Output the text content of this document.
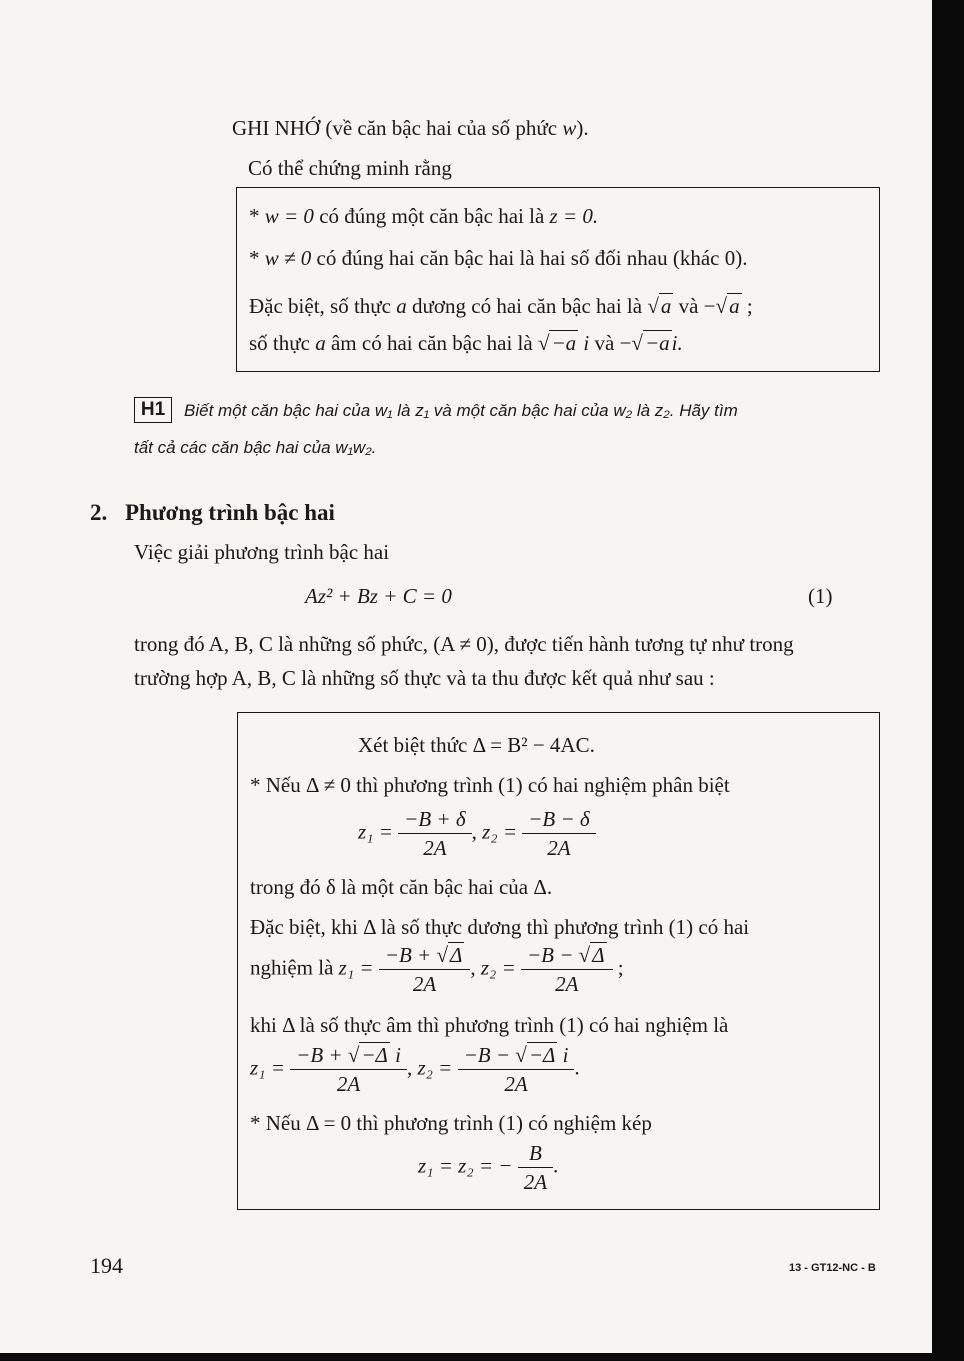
GHI NHỚ (về căn bậc hai của số phức w).
Có thể chứng minh rằng
* w = 0 có đúng một căn bậc hai là z = 0.
* w ≠ 0 có đúng hai căn bậc hai là hai số đối nhau (khác 0).
Đặc biệt, số thực a dương có hai căn bậc hai là √a và −√a ;
số thực a âm có hai căn bậc hai là √−a i và −√−ai.
H1	Biết một căn bậc hai của w₁ là z₁ và một căn bậc hai của w₂ là z₂. Hãy tìm
tất cả các căn bậc hai của w₁w₂.
2. Phương trình bậc hai
Việc giải phương trình bậc hai
Az² + Bz + C = 0	(1)
trong đó A, B, C là những số phức, (A ≠ 0), được tiến hành tương tự như trong
trường hợp A, B, C là những số thực và ta thu được kết quả như sau :
Xét biệt thức Δ = B² − 4AC.
* Nếu Δ ≠ 0 thì phương trình (1) có hai nghiệm phân biệt
$z_1 = \frac{-B + \delta}{2A}$ , $z_2 = \frac{-B - \delta}{2A}$
trong đó δ là một căn bậc hai của Δ.
Đặc biệt, khi Δ là số thực dương thì phương trình (1) có hai
nghiệm là $z_1 = \frac{-B + √\Delta}{2A}$ , $z_2 = \frac{-B - √\Delta}{2A}$ ;
khi Δ là số thực âm thì phương trình (1) có hai nghiệm là
$z_1 = \frac{\text{−B + √−Δ i}}{2A}$ , $z_2 = \frac{\text{−B − √−Δ i}}{2A}$ .
* Nếu Δ = 0 thì phương trình (1) có nghiệm kép
z₁ = z₂ = − $\frac{B}{2A}$ .
194	13 - GT12-NC - B
